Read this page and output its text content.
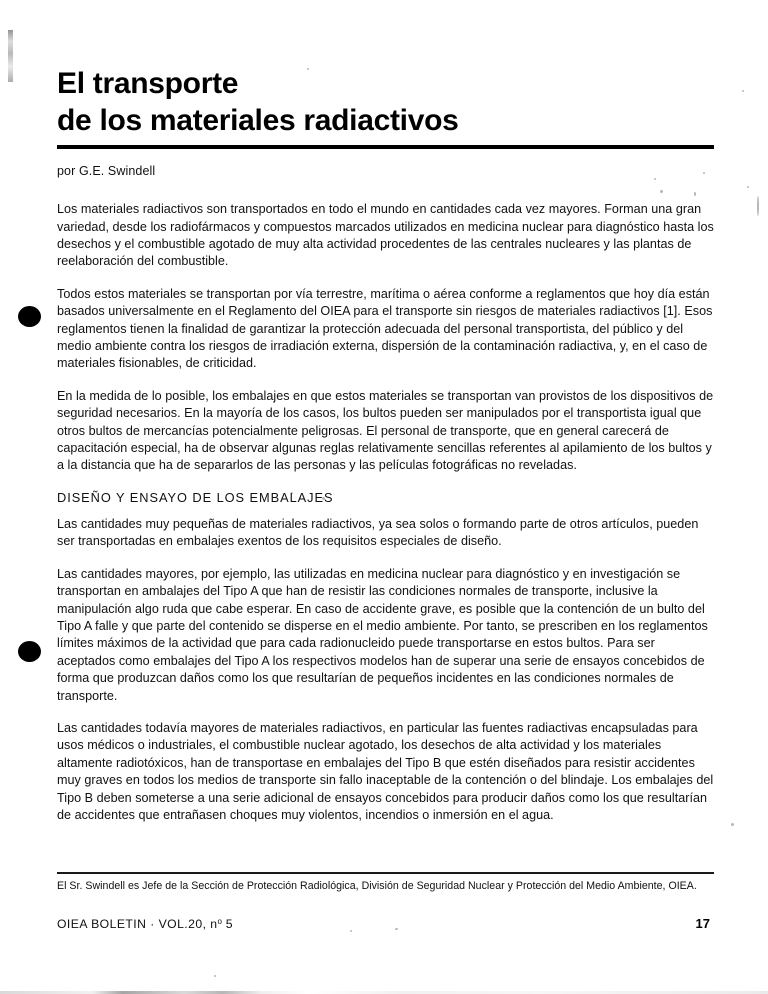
El transporte
de los materiales radiactivos

por G.E. Swindell

Los materiales radiactivos son transportados en todo el mundo en cantidades cada vez mayores. Forman una gran variedad, desde los radiofármacos y compuestos marcados utilizados en medicina nuclear para diagnóstico hasta los desechos y el combustible agotado de muy alta actividad procedentes de las centrales nucleares y las plantas de reelaboración del combustible.

Todos estos materiales se transportan por vía terrestre, marítima o aérea conforme a reglamentos que hoy día están basados universalmente en el Reglamento del OIEA para el transporte sin riesgos de materiales radiactivos [1]. Esos reglamentos tienen la finalidad de garantizar la protección adecuada del personal transportista, del público y del medio ambiente contra los riesgos de irradiación externa, dispersión de la contaminación radiactiva, y, en el caso de materiales fisionables, de criticidad.

En la medida de lo posible, los embalajes en que estos materiales se transportan van provistos de los dispositivos de seguridad necesarios. En la mayoría de los casos, los bultos pueden ser manipulados por el transportista igual que otros bultos de mercancías potencialmente peligrosas. El personal de transporte, que en general carecerá de capacitación especial, ha de observar algunas reglas relativamente sencillas referentes al apilamiento de los bultos y a la distancia que ha de separarlos de las personas y las películas fotográficas no reveladas.

DISEÑO Y ENSAYO DE LOS EMBALAJES

Las cantidades muy pequeñas de materiales radiactivos, ya sea solos o formando parte de otros artículos, pueden ser transportadas en embalajes exentos de los requisitos especiales de diseño.

Las cantidades mayores, por ejemplo, las utilizadas en medicina nuclear para diagnóstico y en investigación se transportan en ambalajes del Tipo A que han de resistir las condiciones normales de transporte, inclusive la manipulación algo ruda que cabe esperar. En caso de accidente grave, es posible que la contención de un bulto del Tipo A falle y que parte del contenido se disperse en el medio ambiente. Por tanto, se prescriben en los reglamentos límites máximos de la actividad que para cada radionucleido puede transportarse en estos bultos. Para ser aceptados como embalajes del Tipo A los respectivos modelos han de superar una serie de ensayos concebidos de forma que produzcan daños como los que resultarían de pequeños incidentes en las condiciones normales de transporte.

Las cantidades todavía mayores de materiales radiactivos, en particular las fuentes radiactivas encapsuladas para usos médicos o industriales, el combustible nuclear agotado, los desechos de alta actividad y los materiales altamente radiotóxicos, han de transportase en embalajes del Tipo B que estén diseñados para resistir accidentes muy graves en todos los medios de transporte sin fallo inaceptable de la contención o del blindaje. Los embalajes del Tipo B deben someterse a una serie adicional de ensayos concebidos para producir daños como los que resultarían de accidentes que entrañasen choques muy violentos, incendios o inmersión en el agua.

El Sr. Swindell es Jefe de la Sección de Protección Radiológica, División de Seguridad Nuclear y Protección del Medio Ambiente, OIEA.

OIEA BOLETIN · VOL.20, $n^o$ 5	17
